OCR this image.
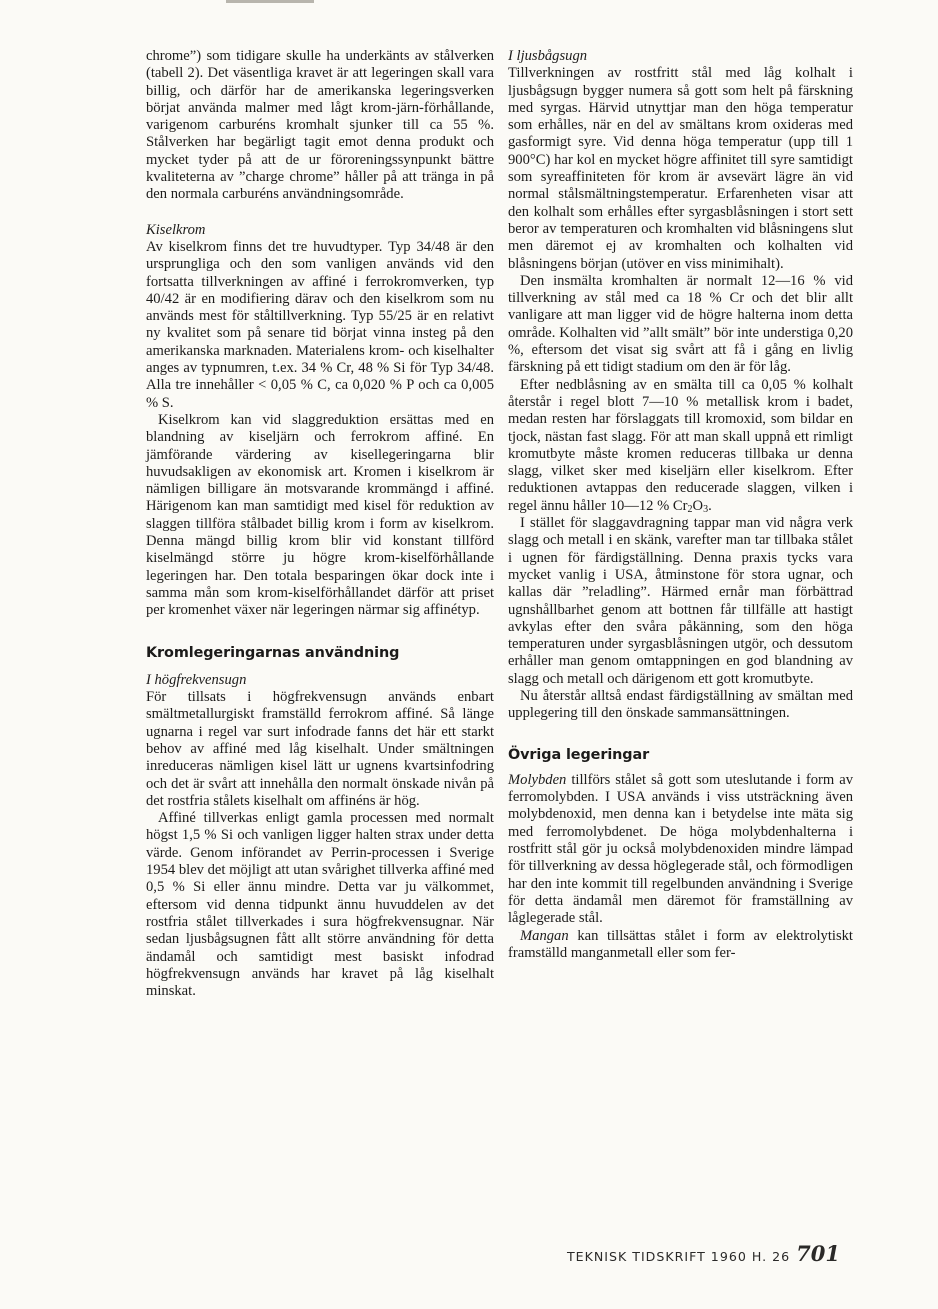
chrome”) som tidigare skulle ha underkänts av stålverken (tabell 2). Det väsentliga kravet är att legeringen skall vara billig, och därför har de amerikanska legeringsverken börjat använda malmer med lågt krom-järn-förhållande, varigenom carburéns kromhalt sjunker till ca 55 %. Stålverken har begärligt tagit emot denna produkt och mycket tyder på att de ur föroreningssynpunkt bättre kvaliteterna av ”charge chrome” håller på att tränga in på den normala carburéns användningsområde.

Kiselkrom

Av kiselkrom finns det tre huvudtyper. Typ 34/48 är den ursprungliga och den som vanligen används vid den fortsatta tillverkningen av affiné i ferrokromverken, typ 40/42 är en modifiering därav och den kiselkrom som nu används mest för ståltillverkning. Typ 55/25 är en relativt ny kvalitet som på senare tid börjat vinna insteg på den amerikanska marknaden. Materialens krom- och kiselhalter anges av typnumren, t.ex. 34 % Cr, 48 % Si för Typ 34/48. Alla tre innehåller < 0,05 % C, ca 0,020 % P och ca 0,005 % S.

Kiselkrom kan vid slaggreduktion ersättas med en blandning av kiseljärn och ferrokrom affiné. En jämförande värdering av kisellegeringarna blir huvudsakligen av ekonomisk art. Kromen i kiselkrom är nämligen billigare än motsvarande krommängd i affiné. Härigenom kan man samtidigt med kisel för reduktion av slaggen tillföra stålbadet billig krom i form av kiselkrom. Denna mängd billig krom blir vid konstant tillförd kiselmängd större ju högre krom-kiselförhållande legeringen har. Den totala besparingen ökar dock inte i samma mån som krom-kiselförhållandet därför att priset per kromenhet växer när legeringen närmar sig affinétyp.

Kromlegeringarnas användning

I högfrekvensugn

För tillsats i högfrekvensugn används enbart smältmetallurgiskt framställd ferrokrom affiné. Så länge ugnarna i regel var surt infodrade fanns det här ett starkt behov av affiné med låg kiselhalt. Under smältningen inreduceras nämligen kisel lätt ur ugnens kvartsinfodring och det är svårt att innehålla den normalt önskade nivån på det rostfria stålets kiselhalt om affinéns är hög.

Affiné tillverkas enligt gamla processen med normalt högst 1,5 % Si och vanligen ligger halten strax under detta värde. Genom införandet av Perrin-processen i Sverige 1954 blev det möjligt att utan svårighet tillverka affiné med 0,5 % Si eller ännu mindre. Detta var ju välkommet, eftersom vid denna tidpunkt ännu huvuddelen av det rostfria stålet tillverkades i sura högfrekvensugnar. När sedan ljusbågsugnen fått allt större användning för detta ändamål och samtidigt mest basiskt infodrad högfrekvensugn används har kravet på låg kiselhalt minskat.

I ljusbågsugn

Tillverkningen av rostfritt stål med låg kolhalt i ljusbågsugn bygger numera så gott som helt på färskning med syrgas. Härvid utnyttjar man den höga temperatur som erhålles, när en del av smältans krom oxideras med gasformigt syre. Vid denna höga temperatur (upp till 1 900°C) har kol en mycket högre affinitet till syre samtidigt som syreaffiniteten för krom är avsevärt lägre än vid normal stålsmältningstemperatur. Erfarenheten visar att den kolhalt som erhålles efter syrgasblåsningen i stort sett beror av temperaturen och kromhalten vid blåsningens slut men däremot ej av kromhalten och kolhalten vid blåsningens början (utöver en viss minimihalt).

Den insmälta kromhalten är normalt 12—16 % vid tillverkning av stål med ca 18 % Cr och det blir allt vanligare att man ligger vid de högre halterna inom detta område. Kolhalten vid ”allt smält” bör inte understiga 0,20 %, eftersom det visat sig svårt att få i gång en livlig färskning på ett tidigt stadium om den är för låg.

Efter nedblåsning av en smälta till ca 0,05 % kolhalt återstår i regel blott 7—10 % metallisk krom i badet, medan resten har förslaggats till kromoxid, som bildar en tjock, nästan fast slagg. För att man skall uppnå ett rimligt kromutbyte måste kromen reduceras tillbaka ur denna slagg, vilket sker med kiseljärn eller kiselkrom. Efter reduktionen avtappas den reducerade slaggen, vilken i regel ännu håller 10—12 % $Cr_2O_3$.

I stället för slaggavdragning tappar man vid några verk slagg och metall i en skänk, varefter man tar tillbaka stålet i ugnen för färdigställning. Denna praxis tycks vara mycket vanlig i USA, åtminstone för stora ugnar, och kallas där ”reladling”. Härmed ernår man förbättrad ugnshållbarhet genom att bottnen får tillfälle att hastigt avkylas efter den svåra påkänning, som den höga temperaturen under syrgasblåsningen utgör, och dessutom erhåller man genom omtappningen en god blandning av slagg och metall och därigenom ett gott kromutbyte.

Nu återstår alltså endast färdigställning av smältan med upplegering till den önskade sammansättningen.

Övriga legeringar

Molybden tillförs stålet så gott som uteslutande i form av ferromolybden. I USA används i viss utsträckning även molybdenoxid, men denna kan i betydelse inte mäta sig med ferromolybdenet. De höga molybdenhalterna i rostfritt stål gör ju också molybdenoxiden mindre lämpad för tillverkning av dessa höglegerade stål, och förmodligen har den inte kommit till regelbunden användning i Sverige för detta ändamål men däremot för framställning av låglegerade stål.

Mangan kan tillsättas stålet i form av elektrolytiskt framställd manganmetall eller som fer-

TEKNISK TIDSKRIFT 1960 H. 26 701
